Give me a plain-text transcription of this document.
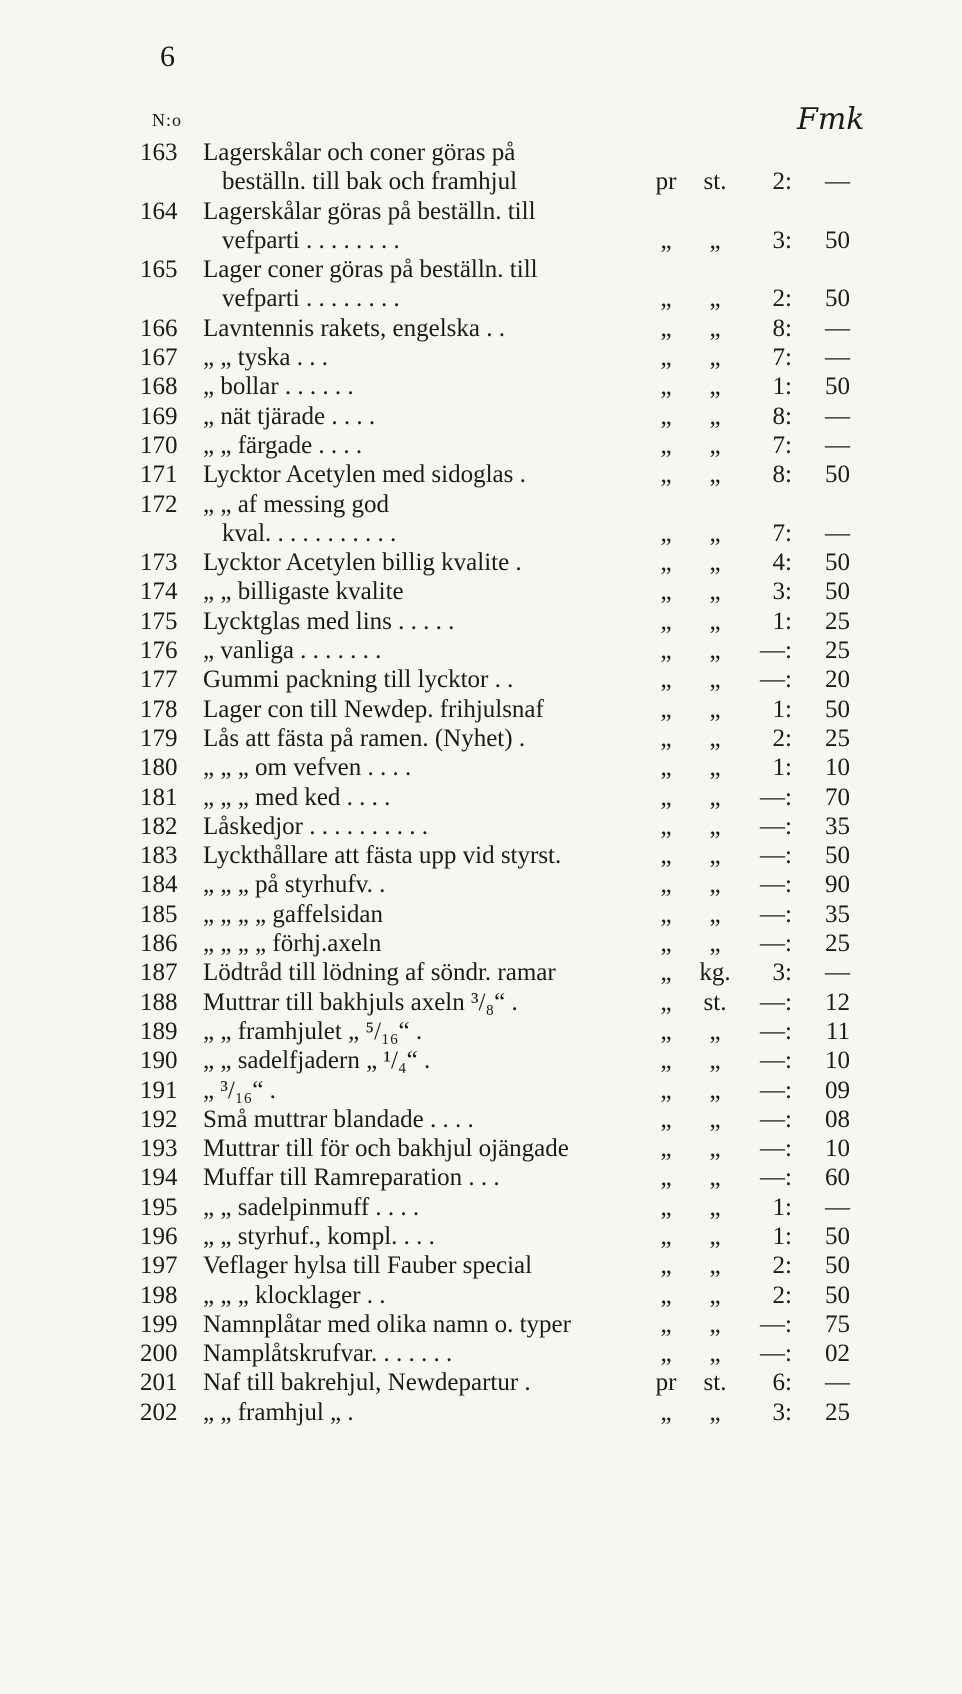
6
N:o	Fmk
163	Lagerskålar och coner göras på
beställn. till bak och framhjul	pr	st.	2:	—
164	Lagerskålar göras på beställn. till
vefparti . . . . . . . .	„	„	3:	50
165	Lager coner göras på beställn. till
vefparti . . . . . . . .	„	„	2:	50
166	Lavntennis rakets, engelska . .	„	„	8:	—
167	„ „ tyska . . .	„	„	7:	—
168	„ bollar . . . . . .	„	„	1:	50
169	„ nät tjärade . . . .	„	„	8:	—
170	„ „ färgade . . . .	„	„	7:	—
171	Lycktor Acetylen med sidoglas .	„	„	8:	50
172	„ „ af messing god
kval. . . . . . . . . . .	„	„	7:	—
173	Lycktor Acetylen billig kvalite .	„	„	4:	50
174	„ „ billigaste kvalite	„	„	3:	50
175	Lycktglas med lins . . . . .	„	„	1:	25
176	„ vanliga . . . . . . .	„	„	—:	25
177	Gummi packning till lycktor . .	„	„	—:	20
178	Lager con till Newdep. frihjulsnaf	„	„	1:	50
179	Lås att fästa på ramen. (Nyhet) .	„	„	2:	25
180	„ „ „ om vefven . . . .	„	„	1:	10
181	„ „ „ med ked . . . .	„	„	—:	70
182	Låskedjor . . . . . . . . . .	„	„	—:	35
183	Lyckthållare att fästa upp vid styrst.	„	„	—:	50
184	„ „ „ på styrhufv. .	„	„	—:	90
185	„ „ „ „ gaffelsidan	„	„	—:	35
186	„ „ „ „ förhj.axeln	„	„	—:	25
187	Lödtråd till lödning af söndr. ramar	„	kg.	3:	—
188	Muttrar till bakhjuls axeln ³/₈“ .	„	st.	—:	12
189	„ „ framhjulet „ ⁵/₁₆“ .	„	„	—:	11
190	„ „ sadelfjadern „ ¹/₄“ .	„	„	—:	10
191	„ ³/₁₆“ .	„	„	—:	09
192	Små muttrar blandade . . . .	„	„	—:	08
193	Muttrar till för och bakhjul ojängade	„	„	—:	10
194	Muffar till Ramreparation . . .	„	„	—:	60
195	„ „ sadelpinmuff . . . .	„	„	1:	—
196	„ „ styrhuf., kompl. . . .	„	„	1:	50
197	Veflager hylsa till Fauber special	„	„	2:	50
198	„ „ „ klocklager . .	„	„	2:	50
199	Namnplåtar med olika namn o. typer	„	„	—:	75
200	Namplåtskrufvar. . . . . . .	„	„	—:	02
201	Naf till bakrehjul, Newdepartur .	pr	st.	6:	—
202	„ „ framhjul „ .	„	„	3:	25
